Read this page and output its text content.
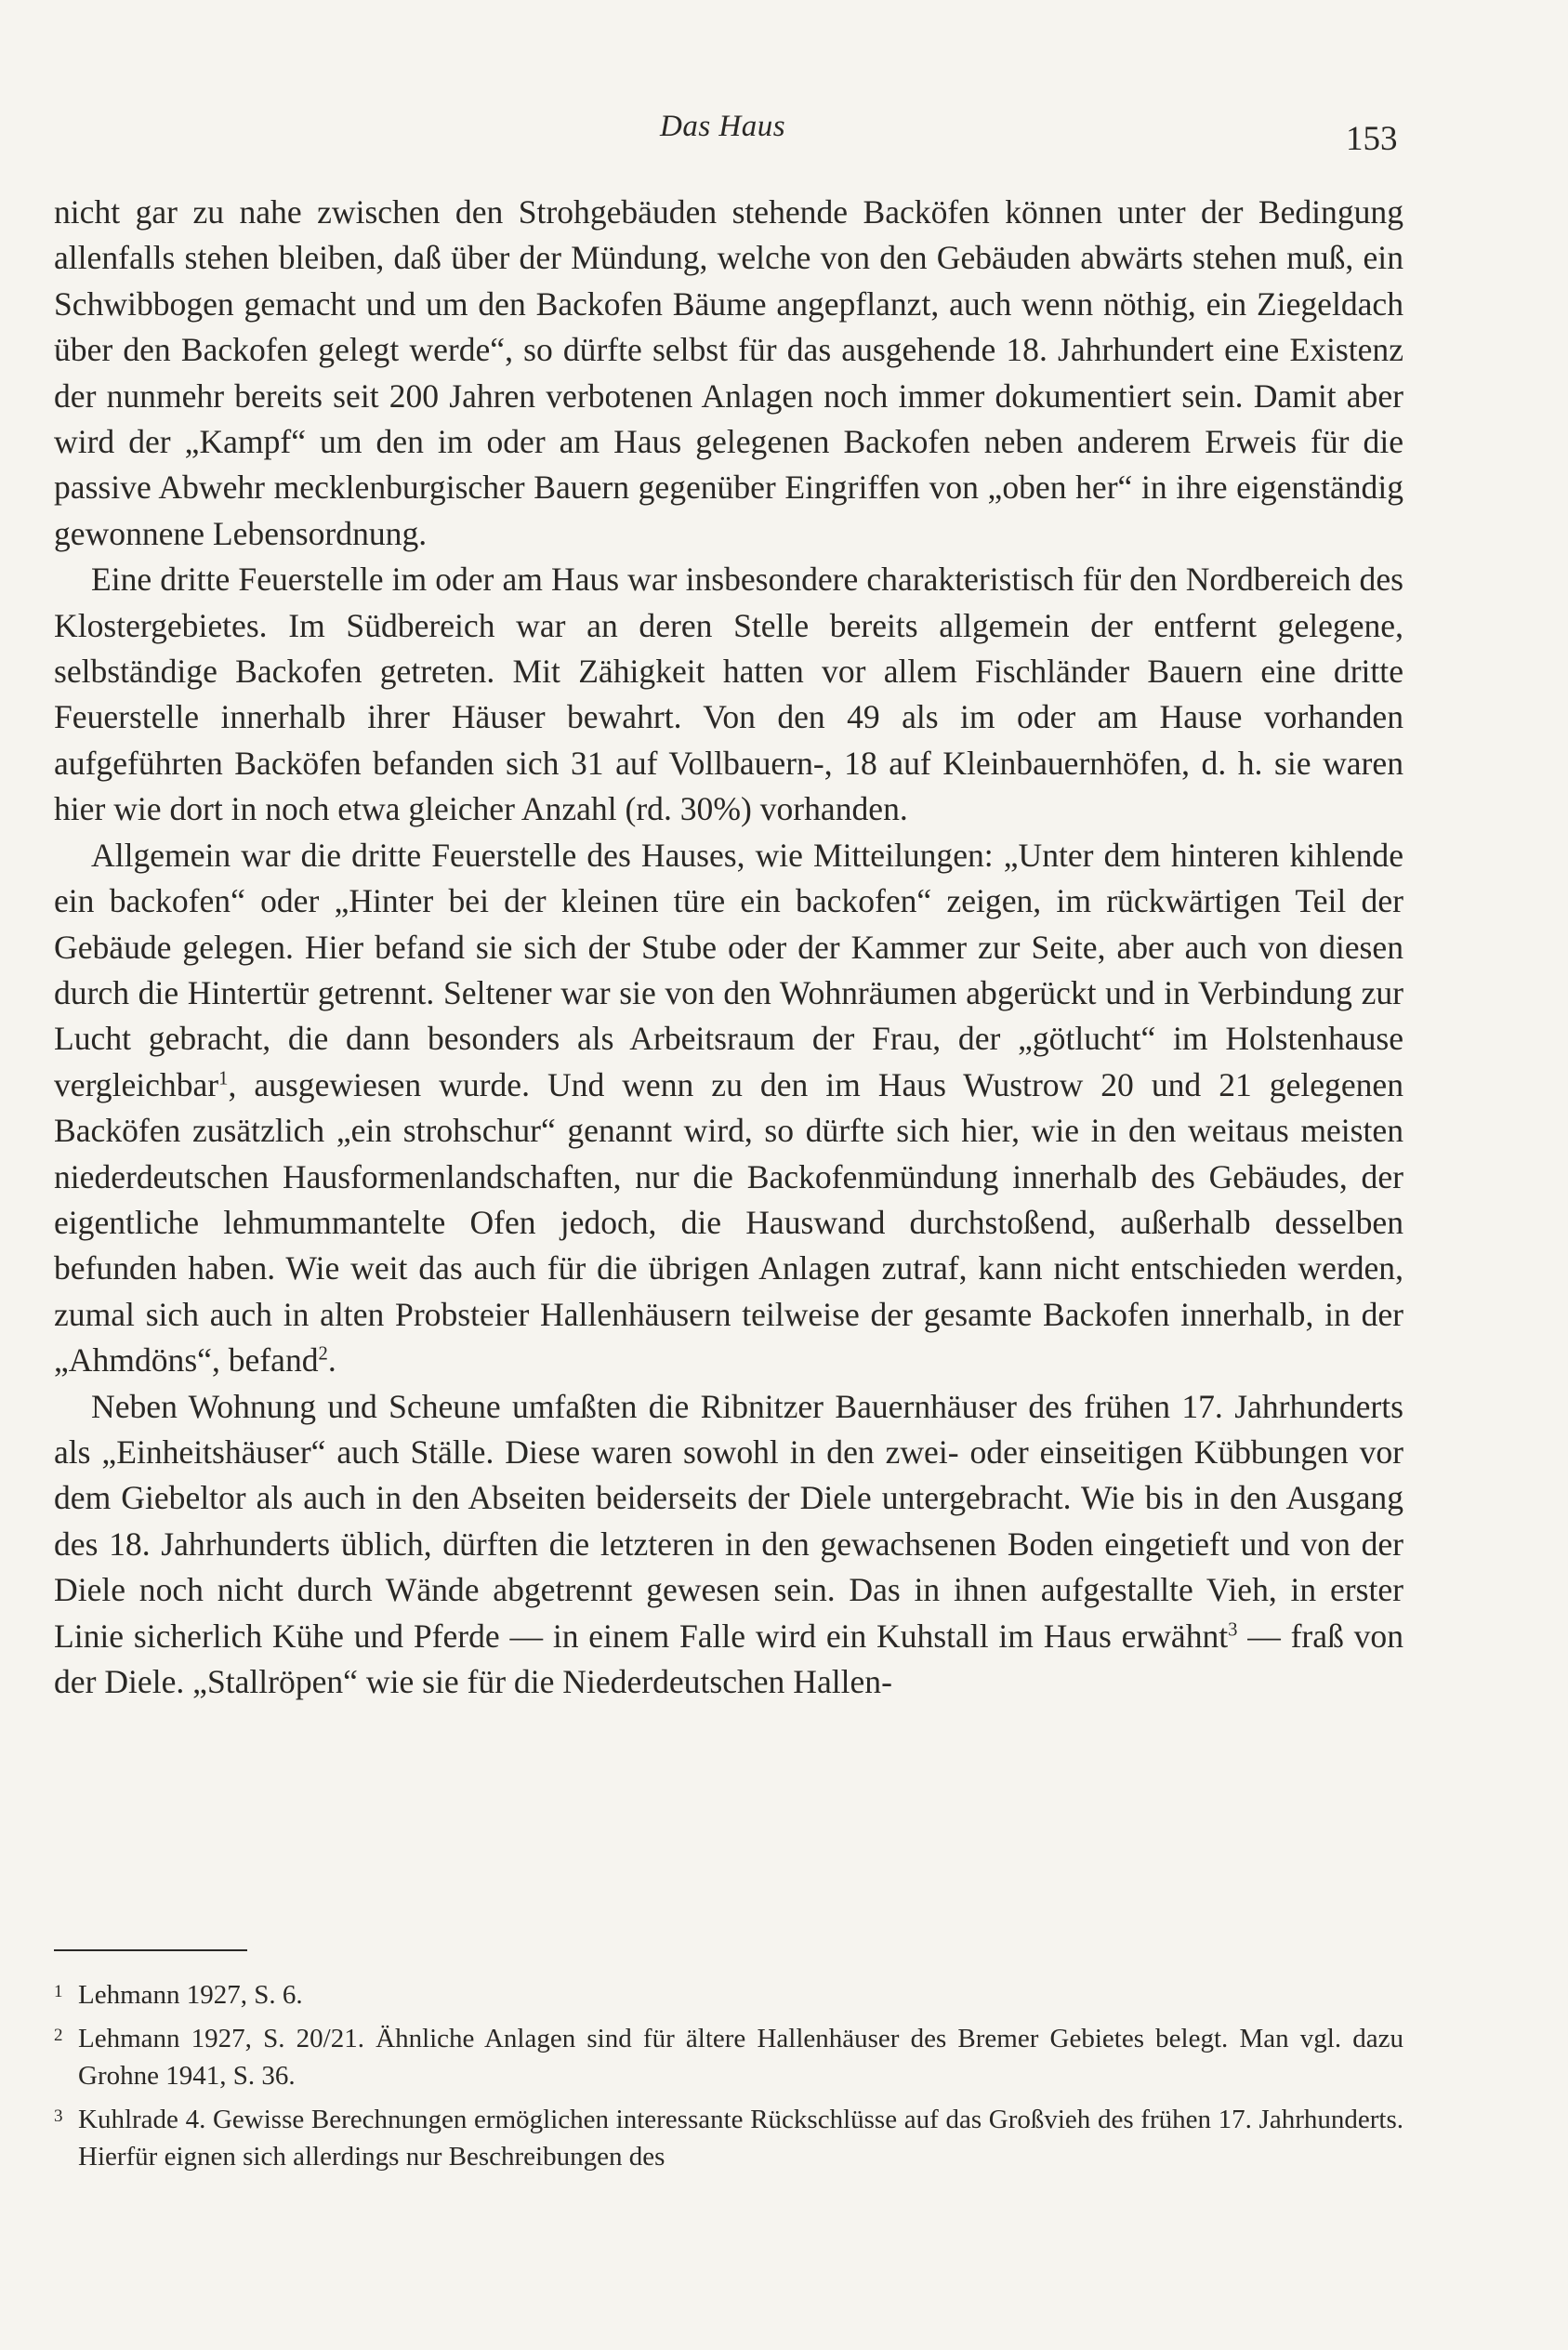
Das Haus	153

nicht gar zu nahe zwischen den Strohgebäuden stehende Backöfen können unter der Bedingung allenfalls stehen bleiben, daß über der Mündung, welche von den Gebäuden abwärts stehen muß, ein Schwibbogen gemacht und um den Backofen Bäume angepflanzt, auch wenn nöthig, ein Ziegeldach über den Backofen gelegt werde“, so dürfte selbst für das ausgehende 18. Jahrhundert eine Existenz der nunmehr bereits seit 200 Jahren verbotenen Anlagen noch immer dokumentiert sein. Damit aber wird der „Kampf“ um den im oder am Haus gelegenen Backofen neben anderem Erweis für die passive Abwehr mecklenburgischer Bauern gegenüber Eingriffen von „oben her“ in ihre eigenständig gewonnene Lebensordnung.

Eine dritte Feuerstelle im oder am Haus war insbesondere charakteristisch für den Nordbereich des Klostergebietes. Im Südbereich war an deren Stelle bereits allgemein der entfernt gelegene, selbständige Backofen getreten. Mit Zähigkeit hatten vor allem Fischländer Bauern eine dritte Feuerstelle innerhalb ihrer Häuser bewahrt. Von den 49 als im oder am Hause vorhanden aufgeführten Backöfen befanden sich 31 auf Vollbauern-, 18 auf Kleinbauernhöfen, d. h. sie waren hier wie dort in noch etwa gleicher Anzahl (rd. 30%) vorhanden.

Allgemein war die dritte Feuerstelle des Hauses, wie Mitteilungen: „Unter dem hinteren kihlende ein backofen“ oder „Hinter bei der kleinen türe ein backofen“ zeigen, im rückwärtigen Teil der Gebäude gelegen. Hier befand sie sich der Stube oder der Kammer zur Seite, aber auch von diesen durch die Hintertür getrennt. Seltener war sie von den Wohnräumen abgerückt und in Verbindung zur Lucht gebracht, die dann besonders als Arbeitsraum der Frau, der „götlucht“ im Holstenhause vergleichbar$^1$, ausgewiesen wurde. Und wenn zu den im Haus Wustrow 20 und 21 gelegenen Backöfen zusätzlich „ein strohschur“ genannt wird, so dürfte sich hier, wie in den weitaus meisten niederdeutschen Hausformenlandschaften, nur die Backofenmündung innerhalb des Gebäudes, der eigentliche lehmummantelte Ofen jedoch, die Hauswand durchstoßend, außerhalb desselben befunden haben. Wie weit das auch für die übrigen Anlagen zutraf, kann nicht entschieden werden, zumal sich auch in alten Probsteier Hallenhäusern teilweise der gesamte Backofen innerhalb, in der „Ahmdöns“, befand$^2$.

Neben Wohnung und Scheune umfaßten die Ribnitzer Bauernhäuser des frühen 17. Jahrhunderts als „Einheitshäuser“ auch Ställe. Diese waren sowohl in den zwei- oder einseitigen Kübbungen vor dem Giebeltor als auch in den Abseiten beiderseits der Diele untergebracht. Wie bis in den Ausgang des 18. Jahrhunderts üblich, dürften die letzteren in den gewachsenen Boden eingetieft und von der Diele noch nicht durch Wände abgetrennt gewesen sein. Das in ihnen aufgestallte Vieh, in erster Linie sicherlich Kühe und Pferde — in einem Falle wird ein Kuhstall im Haus erwähnt$^3$ — fraß von der Diele. „Stallröpen“ wie sie für die Niederdeutschen Hallen-

1 Lehmann 1927, S. 6.
2 Lehmann 1927, S. 20/21. Ähnliche Anlagen sind für ältere Hallenhäuser des Bremer Gebietes belegt. Man vgl. dazu Grohne 1941, S. 36.
3 Kuhlrade 4. Gewisse Berechnungen ermöglichen interessante Rückschlüsse auf das Großvieh des frühen 17. Jahrhunderts. Hierfür eignen sich allerdings nur Beschreibungen des
